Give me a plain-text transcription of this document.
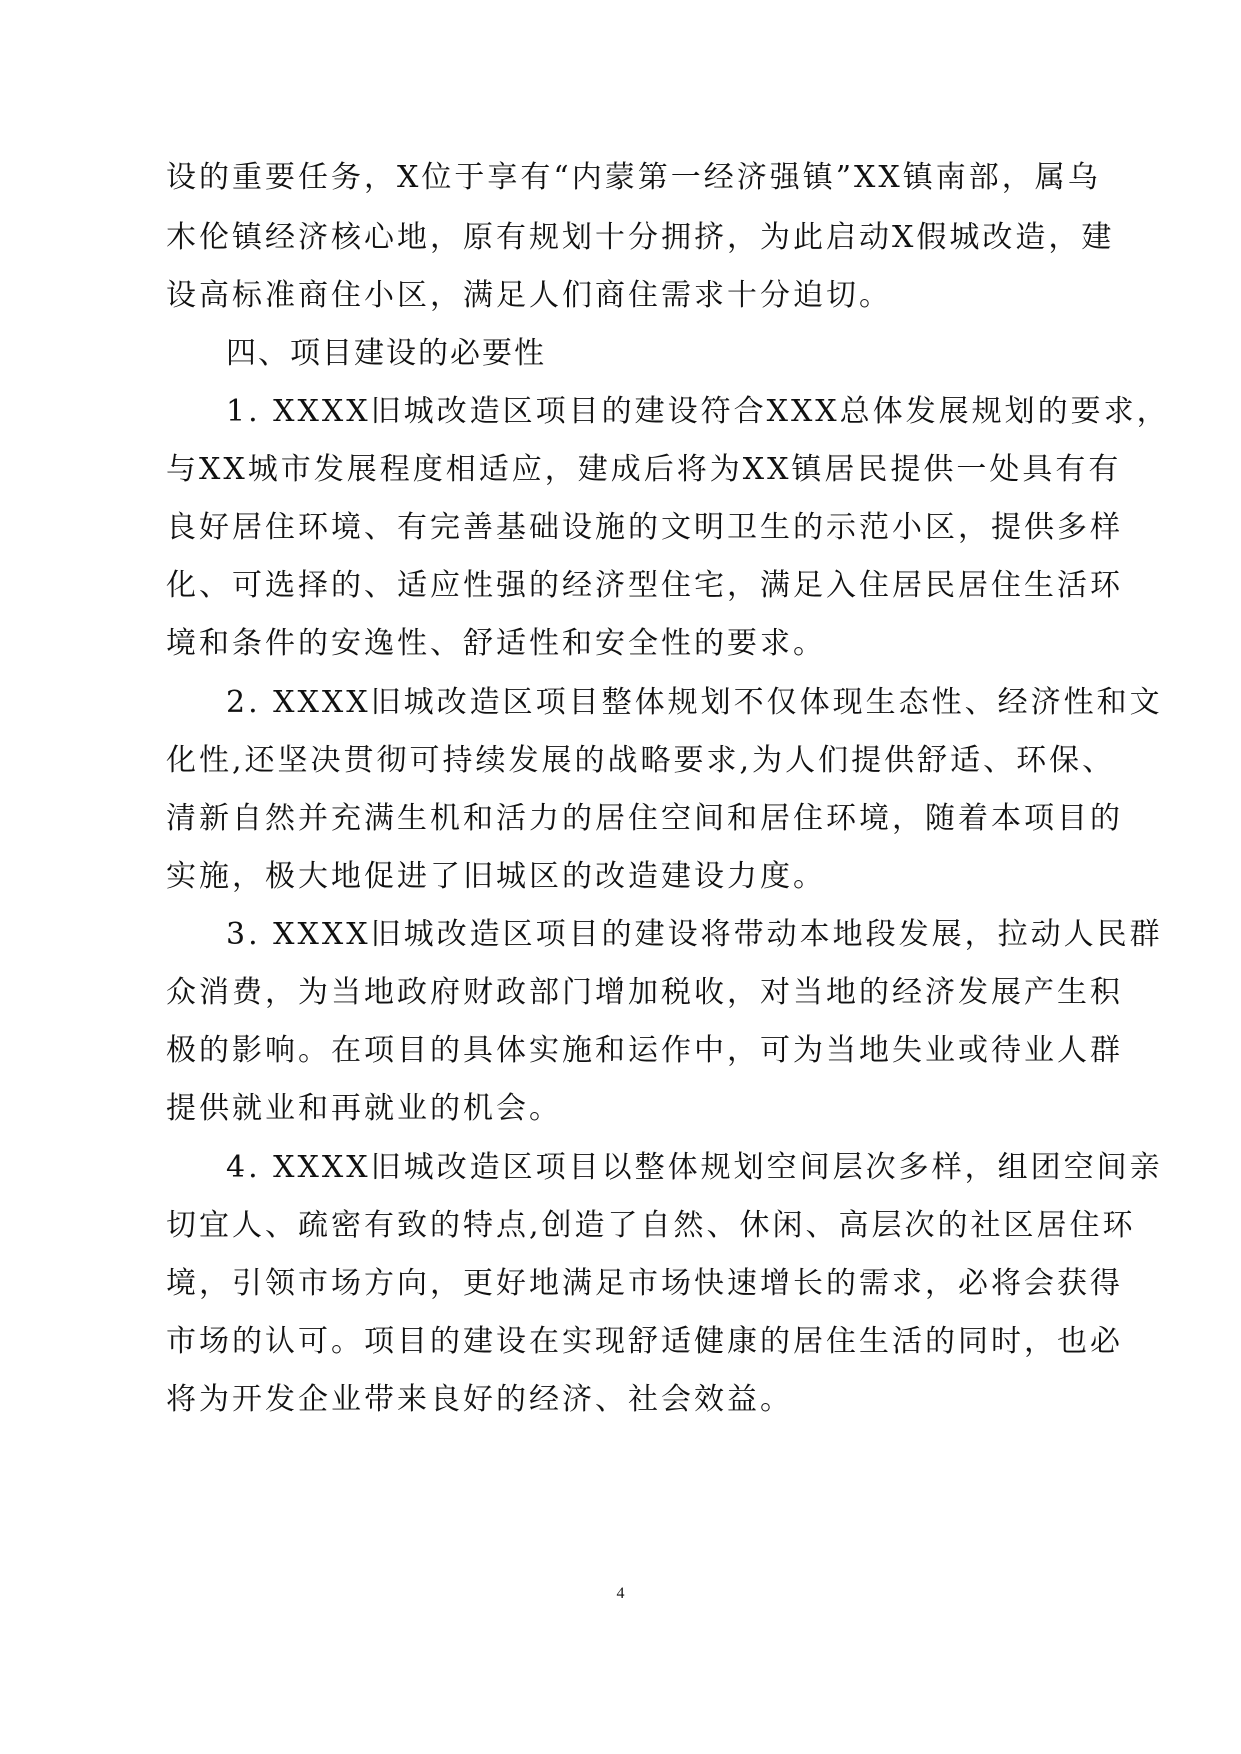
设的重要任务，X位于享有“内蒙第一经济强镇”XX镇南部，属乌
木伦镇经济核心地，原有规划十分拥挤，为此启动X假城改造，建
设高标准商住小区，满足人们商住需求十分迫切。
四、项目建设的必要性
1. XXXX旧城改造区项目的建设符合XXX总体发展规划的要求，
与XX城市发展程度相适应，建成后将为XX镇居民提供一处具有有
良好居住环境、有完善基础设施的文明卫生的示范小区，提供多样
化、可选择的、适应性强的经济型住宅，满足入住居民居住生活环
境和条件的安逸性、舒适性和安全性的要求。
2. XXXX旧城改造区项目整体规划不仅体现生态性、经济性和文
化性,还坚决贯彻可持续发展的战略要求,为人们提供舒适、环保、
清新自然并充满生机和活力的居住空间和居住环境，随着本项目的
实施，极大地促进了旧城区的改造建设力度。
3. XXXX旧城改造区项目的建设将带动本地段发展，拉动人民群
众消费，为当地政府财政部门增加税收，对当地的经济发展产生积
极的影响。在项目的具体实施和运作中，可为当地失业或待业人群
提供就业和再就业的机会。
4. XXXX旧城改造区项目以整体规划空间层次多样，组团空间亲
切宜人、疏密有致的特点,创造了自然、休闲、高层次的社区居住环
境，引领市场方向，更好地满足市场快速增长的需求，必将会获得
市场的认可。项目的建设在实现舒适健康的居住生活的同时，也必
将为开发企业带来良好的经济、社会效益。
4
